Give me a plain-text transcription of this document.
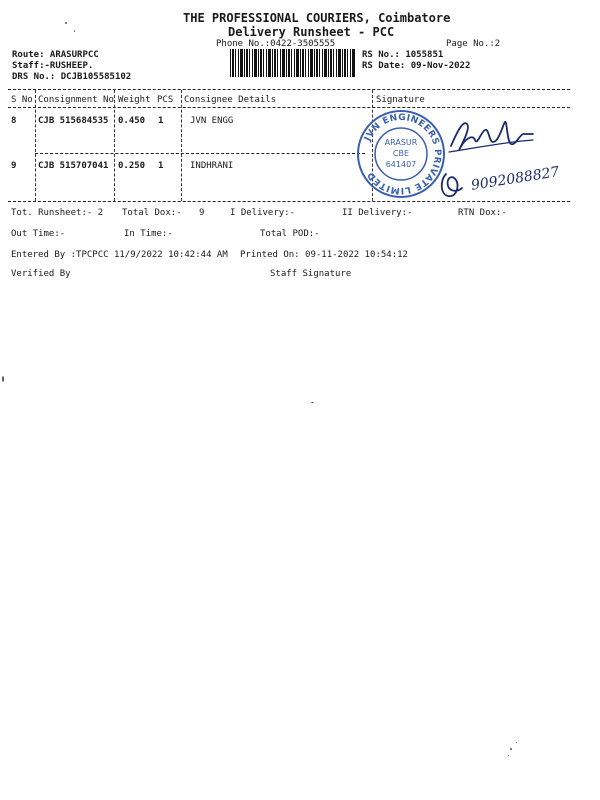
THE PROFESSIONAL COURIERS, Coimbatore
Delivery Runsheet - PCC
Phone No.:0422-3505555	Page No.:2
Route: ARASURPCC
Staff:-RUSHEEP.
DRS No.: DCJB105585102
RS No.: 1055851
RS Date: 09-Nov-2022
S No Consignment No Weight PCS Consignee Details	Signature
8 CJB 515684535 0.450 1	JVN ENGG
9 CJB 515707041 0.250 1	INDHRANI
JVN ENGINEERS PRIVATE LIMITED
ARASUR
CBE
641407	9092088827
Tot. Runsheet:- 2 Total Dox:- 9	I Delivery:-	II Delivery:-	RTN Dox:-
Out Time:-	In Time:-	Total POD:-
Entered By :TPCPCC 11/9/2022 10:42:44 AM Printed On: 09-11-2022 10:54:12
Verified By	Staff Signature
